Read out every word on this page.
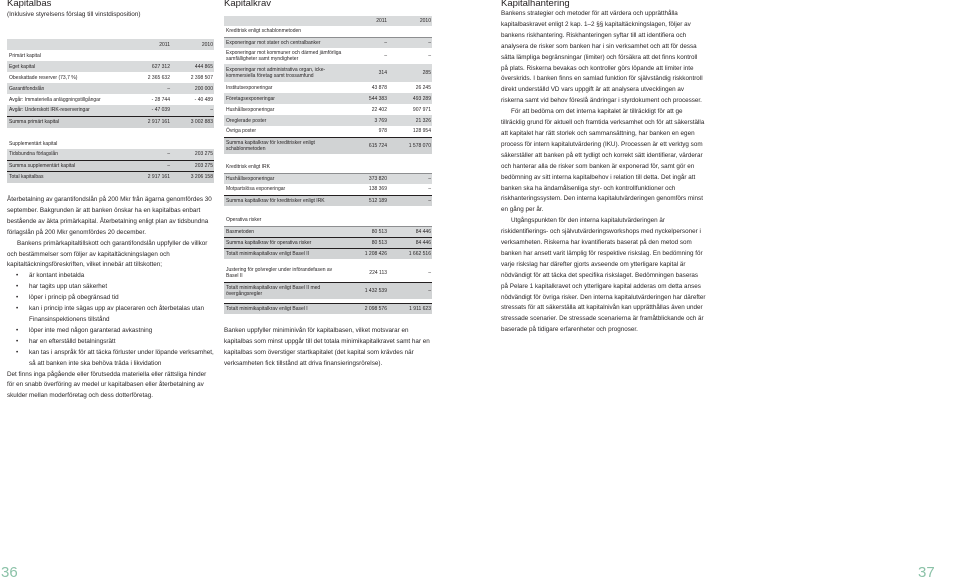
Kapitalbas
(Inklusive styrelsens förslag till vinstdisposition)
	2011	2010
Primärt kapital		
Eget kapital	627 312	444 865
Obeskattade reserver (73,7 %)	2 365 632	2 398 507
Garantifondslån	–	200 000
Avgår: Immateriella anläggningstillgångar	- 28 744	- 40 489
Avgår: Underskott IRK-reserveringar	- 47 039	–
Summa primärt kapital	2 917 161	3 002 883

Supplementärt kapital		
Tidsbundna förlagslån	–	203 275
Summa supplementärt kapital	–	203 275
Total kapitalbas	2 917 161	3 206 158

Återbetalning av garantifondslån på 200 Mkr från ägarna genomfördes 30 september. Bakgrunden är att banken önskar ha en kapitalbas enbart bestående av äkta primärkapital. Återbetalning enligt plan av tidsbundna förlagslån på 200 Mkr genomfördes 20 december.

Bankens primärkapitaltillskott och garantifondslån uppfyller de villkor och bestämmelser som följer av kapitaltäckningslagen och kapitaltäckningsföreskriften, vilket innebär att tillskotten;

• är kontant inbetalda
• har tagits upp utan säkerhet
• löper i princip på obegränsad tid
• kan i princip inte sägas upp av placeraren och återbetalas utan Finansinspektionens tillstånd
• löper inte med någon garanterad avkastning
• har en efterställd betalningsrätt
• kan tas i anspråk för att täcka förluster under löpande verksamhet, så att banken inte ska behöva träda i likvidation

Det finns inga pågående eller förutsedda materiella eller rättsliga hinder för en snabb överföring av medel ur kapitalbasen eller återbetalning av skulder mellan moderföretag och dess dotterföretag.

Kapitalkrav
	2011	2010
Kreditrisk enligt schablonmetoden		
Exponeringar mot stater och centralbanker	–	–
Exponeringar mot kommuner och därmed jämförliga samfälligheter samt myndigheter	–	–
Exponeringar mot administrativa organ, icke-kommersiella företag samt trossamfund	314	285
Institutsexponeringar	43 878	26 245
Företagsexponeringar	544 383	493 289
Hushållsexponeringar	22 402	907 971
Oreglerade poster	3 769	21 326
Övriga poster	978	128 954
Summa kapitalkrav för kreditrisker enligt schablonmetoden	615 724	1 578 070

Kreditrisk enligt IRK		
Hushållsexponeringar	373 820	–
Motpartslösa exponeringar	138 369	–
Summa kapitalkrav för kreditrisker enligt IRK	512 189	–

Operativa risker		
Basmetoden	80 513	84 446
Summa kapitalkrav för operativa risker	80 513	84 446
Totalt minimikapitalkrav enligt Basel II	1 208 426	1 662 516

Justering för golvregler under införandefasen av Basel II	224 113	–
Totalt minimikapitalkrav enligt Basel II med övergångsregler	1 432 539	–

Totalt minimikapitalkrav enligt Basel I	2 098 576	1 911 623

Banken uppfyller miniminivån för kapitalbasen, vilket motsvarar en kapitalbas som minst uppgår till det totala minimikapitalkravet samt har en kapitalbas som överstiger startkapitalet (det kapital som krävdes när verksamheten fick tillstånd att driva finansieringsrörelse).

Kapitalhantering

Bankens strategier och metoder för att värdera och upprätthålla kapitalbaskravet enligt 2 kap. 1–2 §§ kapitaltäckningslagen, följer av bankens riskhantering. Riskhanteringen syftar till att identifiera och analysera de risker som banken har i sin verksamhet och att för dessa sätta lämpliga begränsningar (limiter) och försäkra att det finns kontroll på plats. Riskerna bevakas och kontroller görs löpande att limiter inte överskrids. I banken finns en samlad funktion för självständig riskkontroll direkt underställd VD vars uppgift är att analysera utvecklingen av riskerna samt vid behov föreslå ändringar i styrdokument och processer.

För att bedöma om det interna kapitalet är tillräckligt för att ge tillräcklig grund för aktuell och framtida verksamhet och för att säkerställa att kapitalet har rätt storlek och sammansättning, har banken en egen process för intern kapitalutvärdering (IKU). Processen är ett verktyg som säkerställer att banken på ett tydligt och korrekt sätt identifierar, värderar och hanterar alla de risker som banken är exponerad för, samt gör en bedömning av sitt interna kapitalbehov i relation till detta. Det ingår att banken ska ha ändamålsenliga styr- och kontrollfunktioner och riskhanteringssystem. Den interna kapitalutvärderingen genomförs minst en gång per år.

Utgångspunkten för den interna kapitalutvärderingen är riskidentifierings- och självutvärderingsworkshops med nyckelpersoner i verksamheten. Riskerna har kvantifierats baserat på den metod som banken har ansett varit lämplig för respektive riskslag. En bedömning för varje riskslag har därefter gjorts avseende om ytterligare kapital är nödvändigt för att täcka det specifika riskslaget. Bedömningen baseras på Pelare 1 kapitalkravet och ytterligare kapital adderas om detta anses nödvändigt för övriga risker. Den interna kapitalutvärderingen har därefter stressats för att säkerställa att kapitalnivån kan upprätthållas även under stressade scenarier. De stressade scenarierna är framåtblickande och är baserade på tidigare erfarenheter och prognoser.

36	37
